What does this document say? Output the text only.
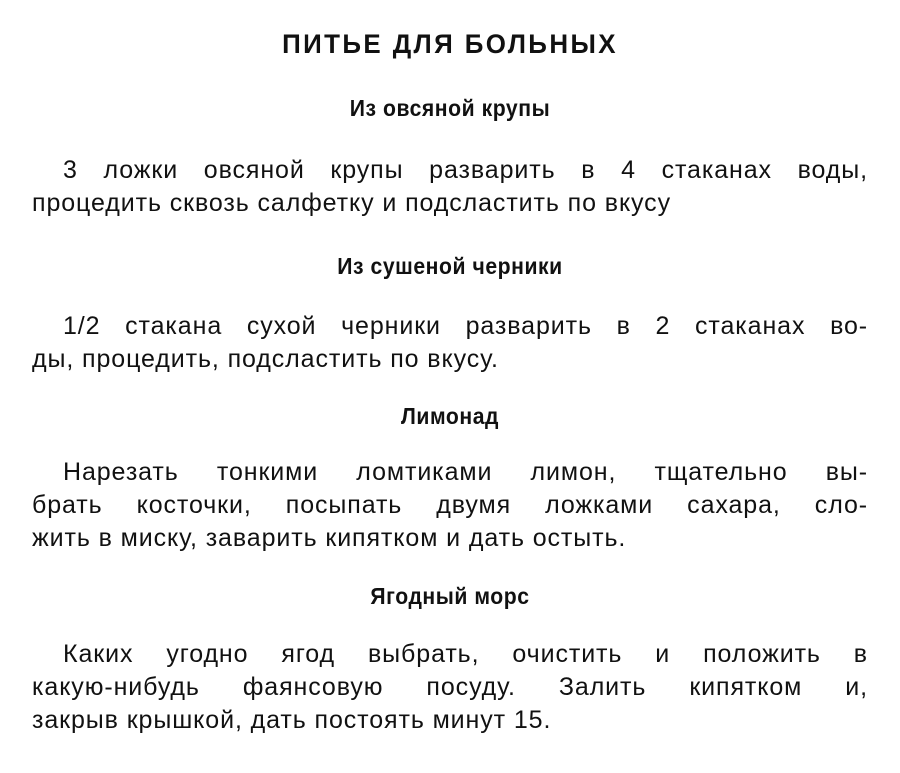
ПИТЬЕ ДЛЯ БОЛЬНЫХ
Из овсяной крупы
3 ложки овсяной крупы разварить в 4 стаканах воды,
процедить сквозь салфетку и подсластить по вкусу
Из сушеной черники
1/2 стакана сухой черники разварить в 2 стаканах во-
ды, процедить, подсластить по вкусу.
Лимонад
Нарезать тонкими ломтиками лимон, тщательно вы-
брать косточки, посыпать двумя ложками сахара, сло-
жить в миску, заварить кипятком и дать остыть.
Ягодный морс
Каких угодно ягод выбрать, очистить и положить в
какую-нибудь фаянсовую посуду. Залить кипятком и,
закрыв крышкой, дать постоять минут 15.
